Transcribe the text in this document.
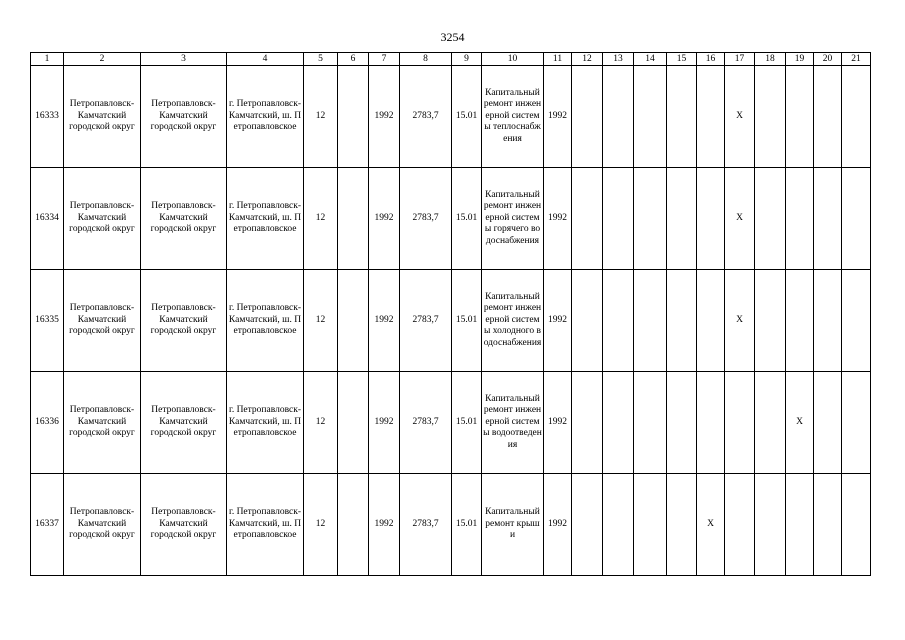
3254
1	2	3	4	5	6	7	8	9	10	11	12	13	14	15	16	17	18	19	20	21
16333	Петропавловск-Камчатский городской округ	Петропавловск-Камчатский городской округ	г. Петропавловск-Камчатский, ш. Петропавловское	12		1992	2783,7	15.01	Капитальный ремонт инженерной системы теплоснабжения	1992						X				
16334	Петропавловск-Камчатский городской округ	Петропавловск-Камчатский городской округ	г. Петропавловск-Камчатский, ш. Петропавловское	12		1992	2783,7	15.01	Капитальный ремонт инженерной системы горячего водоснабжения	1992						X				
16335	Петропавловск-Камчатский городской округ	Петропавловск-Камчатский городской округ	г. Петропавловск-Камчатский, ш. Петропавловское	12		1992	2783,7	15.01	Капитальный ремонт инженерной системы холодного водоснабжения	1992						X				
16336	Петропавловск-Камчатский городской округ	Петропавловск-Камчатский городской округ	г. Петропавловск-Камчатский, ш. Петропавловское	12		1992	2783,7	15.01	Капитальный ремонт инженерной системы водоотведения	1992								X		
16337	Петропавловск-Камчатский городской округ	Петропавловск-Камчатский городской округ	г. Петропавловск-Камчатский, ш. Петропавловское	12		1992	2783,7	15.01	Капитальный ремонт крыши	1992					X					
